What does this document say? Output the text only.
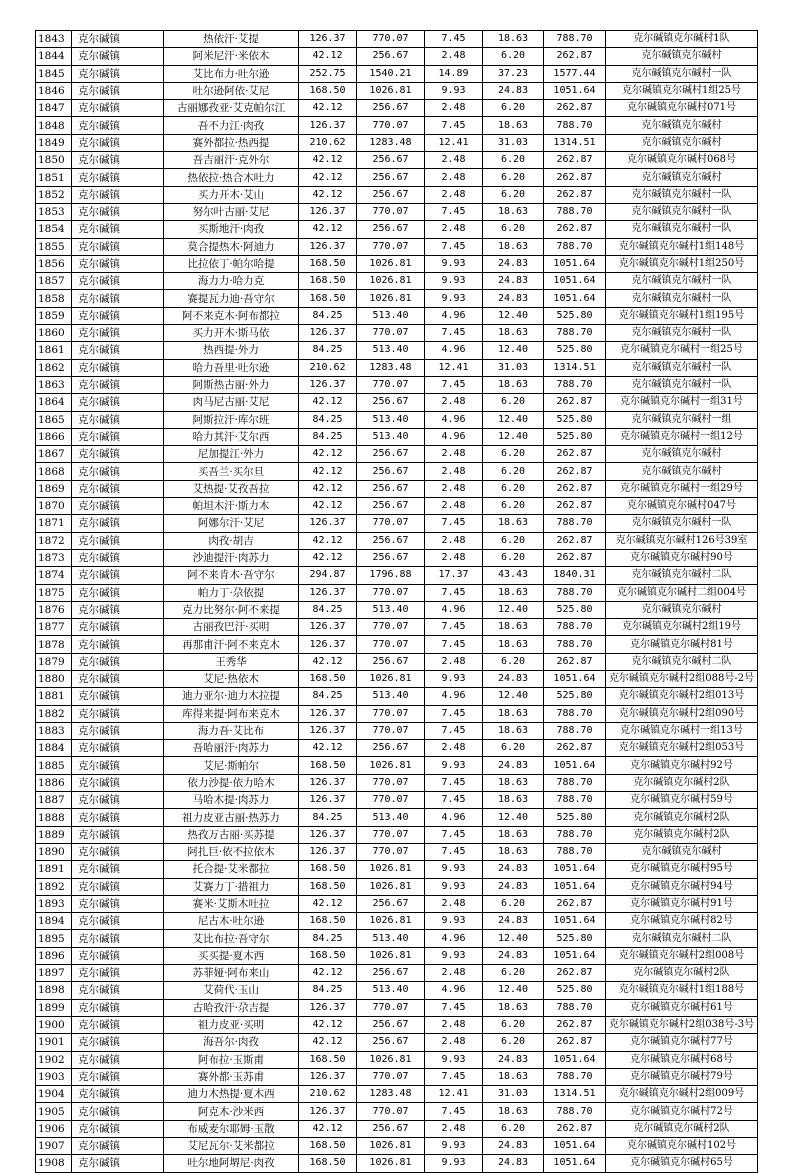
1843	克尔碱镇	热依汗·艾提	126.37	770.07	7.45	18.63	788.70	克尔碱镇克尔碱村1队
1844	克尔碱镇	阿米尼汗·米依木	42.12	256.67	2.48	6.20	262.87	克尔碱镇克尔碱村
1845	克尔碱镇	艾比布力·吐尔逊	252.75	1540.21	14.89	37.23	1577.44	克尔碱镇克尔碱村一队
1846	克尔碱镇	吐尔逊阿依·艾尼	168.50	1026.81	9.93	24.83	1051.64	克尔碱镇克尔碱村1组25号
1847	克尔碱镇	古丽娜孜亚·艾克帕尔江	42.12	256.67	2.48	6.20	262.87	克尔碱镇克尔碱村071号
1848	克尔碱镇	吾不力江·肉孜	126.37	770.07	7.45	18.63	788.70	克尔碱镇克尔碱村
1849	克尔碱镇	赛外都拉·热西提	210.62	1283.48	12.41	31.03	1314.51	克尔碱镇克尔碱村
1850	克尔碱镇	吾吉丽汗·克外尔	42.12	256.67	2.48	6.20	262.87	克尔碱镇克尔碱村068号
1851	克尔碱镇	热依拉·热合木吐力	42.12	256.67	2.48	6.20	262.87	克尔碱镇克尔碱村
1852	克尔碱镇	买力开木·艾山	42.12	256.67	2.48	6.20	262.87	克尔碱镇克尔碱村一队
1853	克尔碱镇	努尔叶古丽·艾尼	126.37	770.07	7.45	18.63	788.70	克尔碱镇克尔碱村一队
1854	克尔碱镇	买斯地汗·肉孜	42.12	256.67	2.48	6.20	262.87	克尔碱镇克尔碱村一队
1855	克尔碱镇	莫合提热木·阿迪力	126.37	770.07	7.45	18.63	788.70	克尔碱镇克尔碱村1组148号
1856	克尔碱镇	比拉依丁·帕尔哈提	168.50	1026.81	9.93	24.83	1051.64	克尔碱镇克尔碱村1组250号
1857	克尔碱镇	海力力·哈力克	168.50	1026.81	9.93	24.83	1051.64	克尔碱镇克尔碱村一队
1858	克尔碱镇	赛提瓦力迪·吾守尔	168.50	1026.81	9.93	24.83	1051.64	克尔碱镇克尔碱村一队
1859	克尔碱镇	阿不来克木·阿布都拉	84.25	513.40	4.96	12.40	525.80	克尔碱镇克尔碱村1组195号
1860	克尔碱镇	买力开木·斯马依	126.37	770.07	7.45	18.63	788.70	克尔碱镇克尔碱村一队
1861	克尔碱镇	热西提·外力	84.25	513.40	4.96	12.40	525.80	克尔碱镇克尔碱村一组25号
1862	克尔碱镇	哈力吾里·吐尔逊	210.62	1283.48	12.41	31.03	1314.51	克尔碱镇克尔碱村一队
1863	克尔碱镇	阿斯热古丽·外力	126.37	770.07	7.45	18.63	788.70	克尔碱镇克尔碱村一队
1864	克尔碱镇	肉马尼古丽·艾尼	42.12	256.67	2.48	6.20	262.87	克尔碱镇克尔碱村一组31号
1865	克尔碱镇	阿斯拉汗·库尔班	84.25	513.40	4.96	12.40	525.80	克尔碱镇克尔碱村一组
1866	克尔碱镇	哈力其汗·艾尔西	84.25	513.40	4.96	12.40	525.80	克尔碱镇克尔碱村一组12号
1867	克尔碱镇	尼加提江·外力	42.12	256.67	2.48	6.20	262.87	克尔碱镇克尔碱村
1868	克尔碱镇	买吾兰·买尔旦	42.12	256.67	2.48	6.20	262.87	克尔碱镇克尔碱村
1869	克尔碱镇	艾热提·艾孜吾拉	42.12	256.67	2.48	6.20	262.87	克尔碱镇克尔碱村一组29号
1870	克尔碱镇	帕坦木汗·斯力木	42.12	256.67	2.48	6.20	262.87	克尔碱镇克尔碱村047号
1871	克尔碱镇	阿娜尔汗·艾尼	126.37	770.07	7.45	18.63	788.70	克尔碱镇克尔碱村一队
1872	克尔碱镇	肉孜·胡吉	42.12	256.67	2.48	6.20	262.87	克尔碱镇克尔碱村126号39室
1873	克尔碱镇	沙迪提汗·肉苏力	42.12	256.67	2.48	6.20	262.87	克尔碱镇克尔碱村90号
1874	克尔碱镇	阿不来肯木·吾守尔	294.87	1796.88	17.37	43.43	1840.31	克尔碱镇克尔碱村二队
1875	克尔碱镇	帕力丁·尕依提	126.37	770.07	7.45	18.63	788.70	克尔碱镇克尔碱村二组004号
1876	克尔碱镇	克力比努尔·阿不来提	84.25	513.40	4.96	12.40	525.80	克尔碱镇克尔碱村
1877	克尔碱镇	古丽孜巴汗·买明	126.37	770.07	7.45	18.63	788.70	克尔碱镇克尔碱村2组19号
1878	克尔碱镇	再那甫汗·阿不来克木	126.37	770.07	7.45	18.63	788.70	克尔碱镇克尔碱村81号
1879	克尔碱镇	王秀华	42.12	256.67	2.48	6.20	262.87	克尔碱镇克尔碱村二队
1880	克尔碱镇	艾尼·热依木	168.50	1026.81	9.93	24.83	1051.64	克尔碱镇克尔碱村2组088号-2号
1881	克尔碱镇	迪力亚尔·迪力木拉提	84.25	513.40	4.96	12.40	525.80	克尔碱镇克尔碱村2组013号
1882	克尔碱镇	库得来提·阿布来克木	126.37	770.07	7.45	18.63	788.70	克尔碱镇克尔碱村2组090号
1883	克尔碱镇	海力吾·艾比布	126.37	770.07	7.45	18.63	788.70	克尔碱镇克尔碱村一组13号
1884	克尔碱镇	吾哈丽汗·肉苏力	42.12	256.67	2.48	6.20	262.87	克尔碱镇克尔碱村2组053号
1885	克尔碱镇	艾尼·斯帕尔	168.50	1026.81	9.93	24.83	1051.64	克尔碱镇克尔碱村92号
1886	克尔碱镇	依力沙提·依力哈木	126.37	770.07	7.45	18.63	788.70	克尔碱镇克尔碱村2队
1887	克尔碱镇	马哈木提·肉苏力	126.37	770.07	7.45	18.63	788.70	克尔碱镇克尔碱村59号
1888	克尔碱镇	祖力皮亚古丽·热苏力	84.25	513.40	4.96	12.40	525.80	克尔碱镇克尔碱村2队
1889	克尔碱镇	热孜万古丽·买苏提	126.37	770.07	7.45	18.63	788.70	克尔碱镇克尔碱村2队
1890	克尔碱镇	阿扎巨·依不拉依木	126.37	770.07	7.45	18.63	788.70	克尔碱镇克尔碱村
1891	克尔碱镇	托合提·艾米都拉	168.50	1026.81	9.93	24.83	1051.64	克尔碱镇克尔碱村95号
1892	克尔碱镇	艾赛力丁·措祖力	168.50	1026.81	9.93	24.83	1051.64	克尔碱镇克尔碱村94号
1893	克尔碱镇	赛米·艾斯木吐拉	42.12	256.67	2.48	6.20	262.87	克尔碱镇克尔碱村91号
1894	克尔碱镇	尼古木·吐尔逊	168.50	1026.81	9.93	24.83	1051.64	克尔碱镇克尔碱村82号
1895	克尔碱镇	艾比布拉·吾守尔	84.25	513.40	4.96	12.40	525.80	克尔碱镇克尔碱村二队
1896	克尔碱镇	买买提·夏木西	168.50	1026.81	9.93	24.83	1051.64	克尔碱镇克尔碱村2组008号
1897	克尔碱镇	苏菲娅·阿布来山	42.12	256.67	2.48	6.20	262.87	克尔碱镇克尔碱村2队
1898	克尔碱镇	艾荷代·玉山	84.25	513.40	4.96	12.40	525.80	克尔碱镇克尔碱村1组188号
1899	克尔碱镇	古哈孜汗·尕吉提	126.37	770.07	7.45	18.63	788.70	克尔碱镇克尔碱村61号
1900	克尔碱镇	祖力皮亚·买明	42.12	256.67	2.48	6.20	262.87	克尔碱镇克尔碱村2组038号-3号
1901	克尔碱镇	海吾尔·肉孜	42.12	256.67	2.48	6.20	262.87	克尔碱镇克尔碱村77号
1902	克尔碱镇	阿布拉·玉斯甫	168.50	1026.81	9.93	24.83	1051.64	克尔碱镇克尔碱村68号
1903	克尔碱镇	赛外都·玉苏甫	126.37	770.07	7.45	18.63	788.70	克尔碱镇克尔碱村79号
1904	克尔碱镇	迪力木热提·夏木西	210.62	1283.48	12.41	31.03	1314.51	克尔碱镇克尔碱村2组009号
1905	克尔碱镇	阿克木·沙米西	126.37	770.07	7.45	18.63	788.70	克尔碱镇克尔碱村72号
1906	克尔碱镇	布威麦尔耶姆·玉散	42.12	256.67	2.48	6.20	262.87	克尔碱镇克尔碱村2队
1907	克尔碱镇	艾尼瓦尔·艾米都拉	168.50	1026.81	9.93	24.83	1051.64	克尔碱镇克尔碱村102号
1908	克尔碱镇	吐尔地阿堺尼·肉孜	168.50	1026.81	9.93	24.83	1051.64	克尔碱镇克尔碱村65号
